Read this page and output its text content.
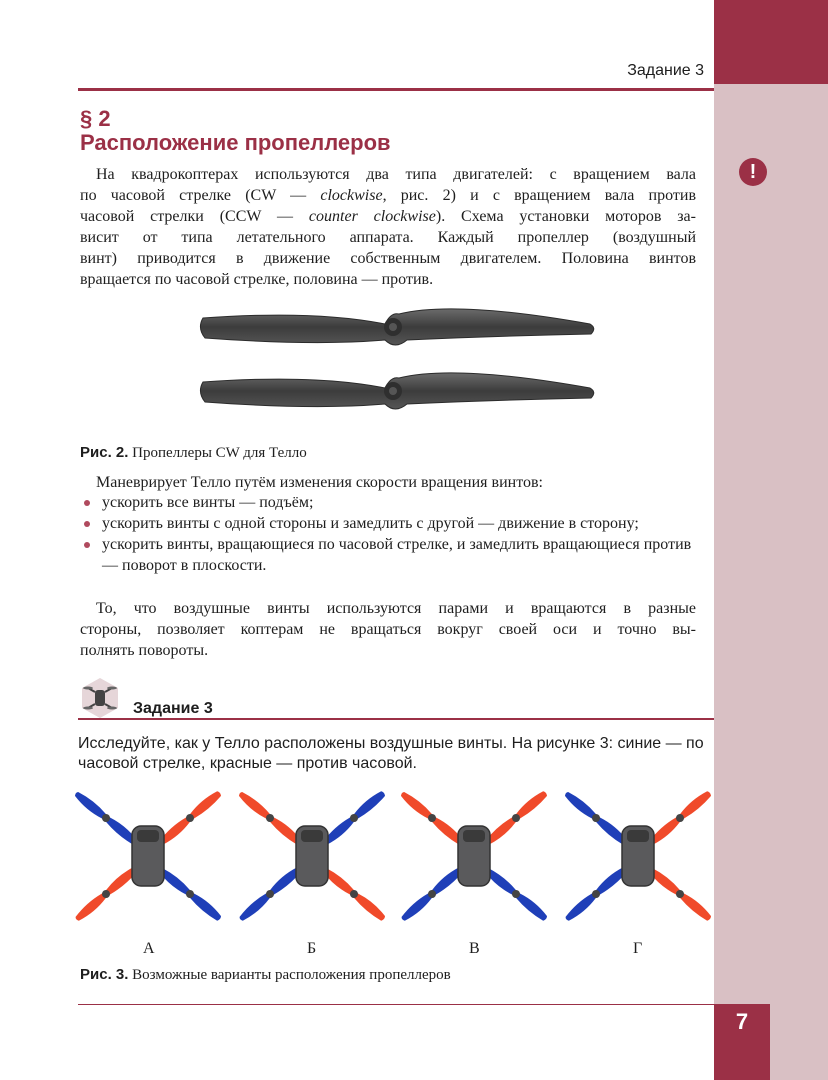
7
Задание 3
!
§ 2
Расположение пропеллеров
 На квадрокоптерах используются два типа двигателей: с вращением вала
по часовой стрелке (CW — clockwise, рис. 2) и с вращением вала против
часовой стрелки (CCW — counter clockwise). Схема установки моторов за-
висит от типа летательного аппарата. Каждый пропеллер (воздушный
винт) приводится в движение собственным двигателем. Половина винтов
вращается по часовой стрелке, половина — против.
Рис. 2. Пропеллеры CW для Телло
 Маневрирует Телло путём изменения скорости вращения винтов:
ускорить все винты — подъём;
ускорить винты с одной стороны и замедлить с другой — движение в сторону;
ускорить винты, вращающиеся по часовой стрелке, и замедлить вращающиеся против — поворот в плоскости.
 То, что воздушные винты используются парами и вращаются в разные
стороны, позволяет коптерам не вращаться вокруг своей оси и точно вы-
полнять повороты.
Задание 3
Исследуйте, как у Телло расположены воздушные винты. На рисунке 3: синие — по часовой стрелке, красные — против часовой.
А	Б	В	Г
Рис. 3. Возможные варианты расположения пропеллеров
